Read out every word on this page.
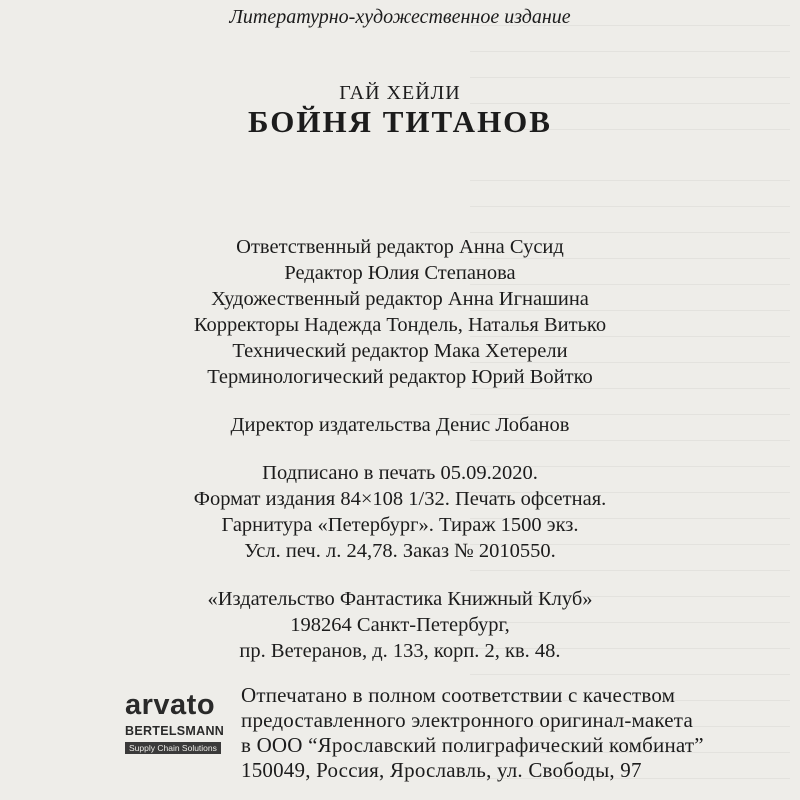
Литературно-художественное издание
ГАЙ ХЕЙЛИ
БОЙНЯ ТИТАНОВ
Ответственный редактор Анна Сусид
Редактор Юлия Степанова
Художественный редактор Анна Игнашина
Корректоры Надежда Тондель, Наталья Витько
Технический редактор Мака Хетерели
Терминологический редактор Юрий Войтко
Директор издательства Денис Лобанов
Подписано в печать 05.09.2020.
Формат издания 84×108 1/32. Печать офсетная.
Гарнитура «Петербург». Тираж 1500 экз.
Усл. печ. л. 24,78. Заказ № 2010550.
«Издательство Фантастика Книжный Клуб»
198264 Санкт-Петербург,
пр. Ветеранов, д. 133, корп. 2, кв. 48.
arvato
BERTELSMANN
Supply Chain Solutions
Отпечатано в полном соответствии с качеством
предоставленного электронного оригинал-макета
в ООО “Ярославский полиграфический комбинат”
150049, Россия, Ярославль, ул. Свободы, 97
